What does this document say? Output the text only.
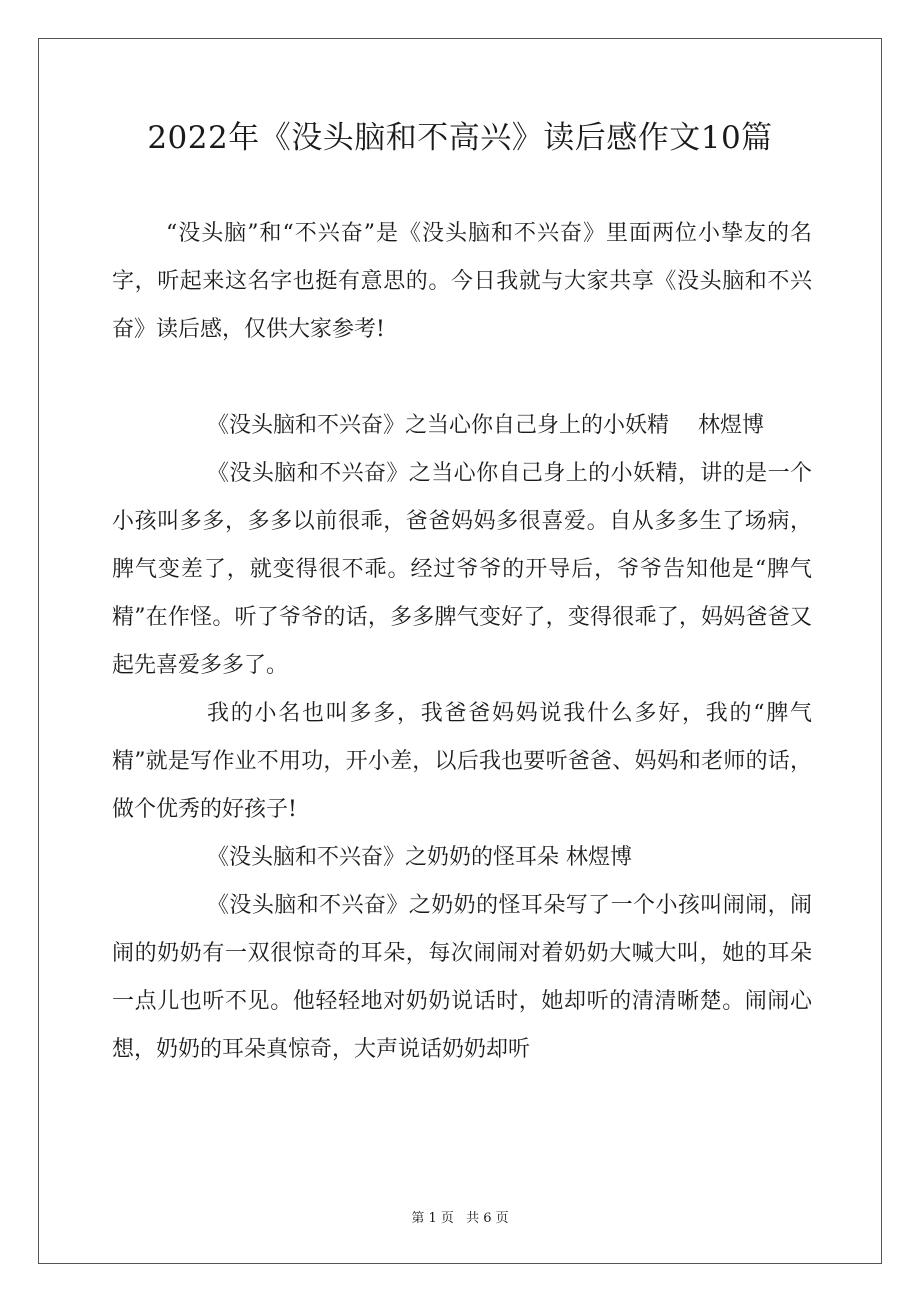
2022年《没头脑和不高兴》读后感作文10篇

“没头脑”和“不兴奋”是《没头脑和不兴奋》里面两位小挚友的名字，听起来这名字也挺有意思的。今日我就与大家共享《没头脑和不兴奋》读后感，仅供大家参考!

《没头脑和不兴奋》之当心你自己身上的小妖精　 林煜博

《没头脑和不兴奋》之当心你自己身上的小妖精，讲的是一个小孩叫多多，多多以前很乖，爸爸妈妈多很喜爱。自从多多生了场病，脾气变差了，就变得很不乖。经过爷爷的开导后，爷爷告知他是“脾气精”在作怪。听了爷爷的话，多多脾气变好了，变得很乖了，妈妈爸爸又起先喜爱多多了。

我的小名也叫多多，我爸爸妈妈说我什么多好，我的“脾气精”就是写作业不用功，开小差，以后我也要听爸爸、妈妈和老师的话，做个优秀的好孩子!

《没头脑和不兴奋》之奶奶的怪耳朵 林煜博

《没头脑和不兴奋》之奶奶的怪耳朵写了一个小孩叫闹闹，闹闹的奶奶有一双很惊奇的耳朵，每次闹闹对着奶奶大喊大叫，她的耳朵一点儿也听不见。他轻轻地对奶奶说话时，她却听的清清晰楚。闹闹心想，奶奶的耳朵真惊奇，大声说话奶奶却听

第 1 页 共 6 页
